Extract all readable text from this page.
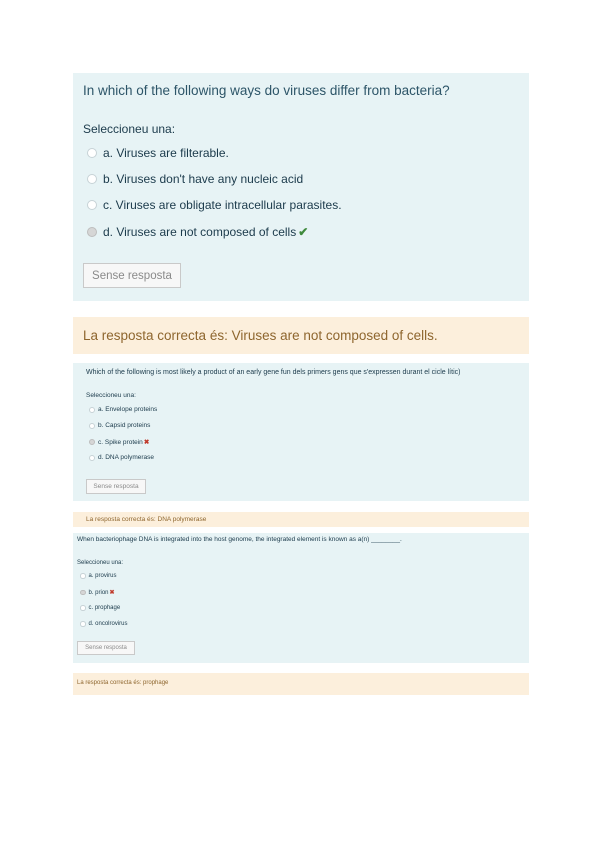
In which of the following ways do viruses differ from bacteria?
Seleccioneu una:
a. Viruses are filterable.
b. Viruses don't have any nucleic acid
c. Viruses are obligate intracellular parasites.
d. Viruses are not composed of cells ✔
Sense resposta
La resposta correcta és: Viruses are not composed of cells.
Which of the following is most likely a product of an early gene fun dels primers gens que s'expressen durant el cicle lític)
Seleccioneu una:
a. Envelope proteins
b. Capsid proteins
c. Spike protein ✖
d. DNA polymerase
Sense resposta
La resposta correcta és: DNA polymerase
When bacteriophage DNA is integrated into the host genome, the integrated element is known as a(n) ________.
Seleccioneu una:
a. provirus
b. prion ✖
c. prophage
d. oncolrovirus
Sense resposta
La resposta correcta és: prophage
